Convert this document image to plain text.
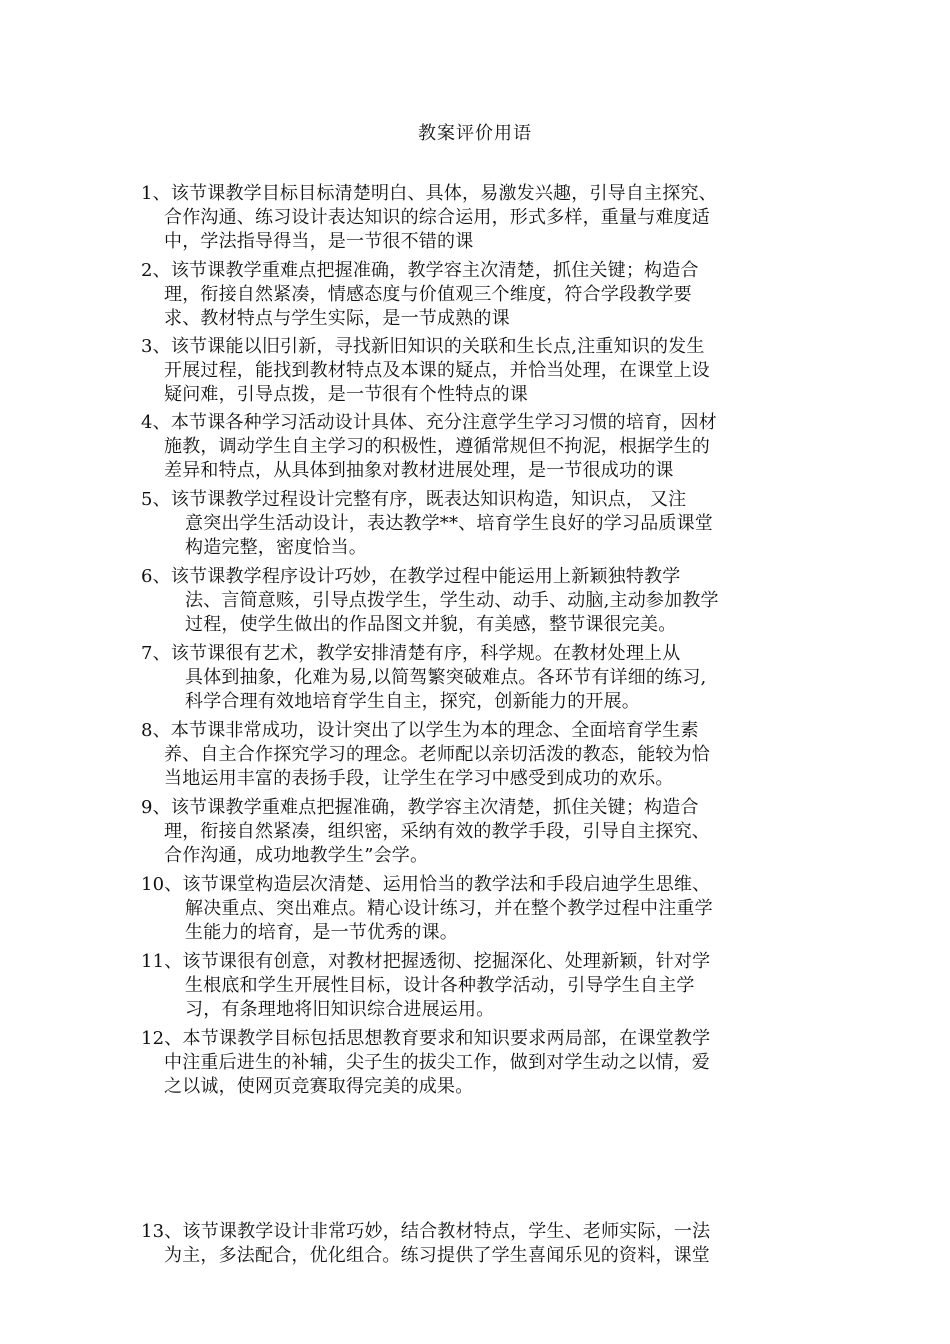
教案评价用语
1、该节课教学目标目标清楚明白、具体，易激发兴趣，引导自主探究、
合作沟通、练习设计表达知识的综合运用，形式多样，重量与难度适
中，学法指导得当，是一节很不错的课
2、该节课教学重难点把握准确，教学容主次清楚，抓住关键；构造合
理，衔接自然紧凑，情感态度与价值观三个维度，符合学段教学要
求、教材特点与学生实际，是一节成熟的课
3、该节课能以旧引新，寻找新旧知识的关联和生长点,注重知识的发生
开展过程，能找到教材特点及本课的疑点，并恰当处理，在课堂上设
疑问难，引导点拨，是一节很有个性特点的课
4、本节课各种学习活动设计具体、充分注意学生学习习惯的培育，因材
施教，调动学生自主学习的积极性，遵循常规但不拘泥，根据学生的
差异和特点，从具体到抽象对教材进展处理，是一节很成功的课
5、该节课教学过程设计完整有序，既表达知识构造，知识点， 又注
意突出学生活动设计，表达教学**、培育学生良好的学习品质课堂
构造完整，密度恰当。
6、该节课教学程序设计巧妙，在教学过程中能运用上新颖独特教学
法、言简意赅，引导点拨学生，学生动、动手、动脑,主动参加教学
过程，使学生做出的作品图文并貌，有美感，整节课很完美。
7、该节课很有艺术，教学安排清楚有序，科学规。在教材处理上从
具体到抽象，化难为易,以简驾繁突破难点。各环节有详细的练习,
科学合理有效地培育学生自主，探究，创新能力的开展。
8、本节课非常成功，设计突出了以学生为本的理念、全面培育学生素
养、自主合作探究学习的理念。老师配以亲切活泼的教态，能较为恰
当地运用丰富的表扬手段，让学生在学习中感受到成功的欢乐。
9、该节课教学重难点把握准确，教学容主次清楚，抓住关键；构造合
理，衔接自然紧凑，组织密，采纳有效的教学手段，引导自主探究、
合作沟通，成功地教学生”会学。
10、该节课堂构造层次清楚、运用恰当的教学法和手段启迪学生思维、
解决重点、突出难点。精心设计练习，并在整个教学过程中注重学
生能力的培育，是一节优秀的课。
11、该节课很有创意，对教材把握透彻、挖掘深化、处理新颖，针对学
生根底和学生开展性目标，设计各种教学活动，引导学生自主学
习，有条理地将旧知识综合进展运用。
12、本节课教学目标包括思想教育要求和知识要求两局部，在课堂教学
中注重后进生的补辅，尖子生的拔尖工作，做到对学生动之以情，爱
之以诚，使网页竞赛取得完美的成果。
13、该节课教学设计非常巧妙，结合教材特点，学生、老师实际，一法
为主，多法配合，优化组合。练习提供了学生喜闻乐见的资料，课堂
